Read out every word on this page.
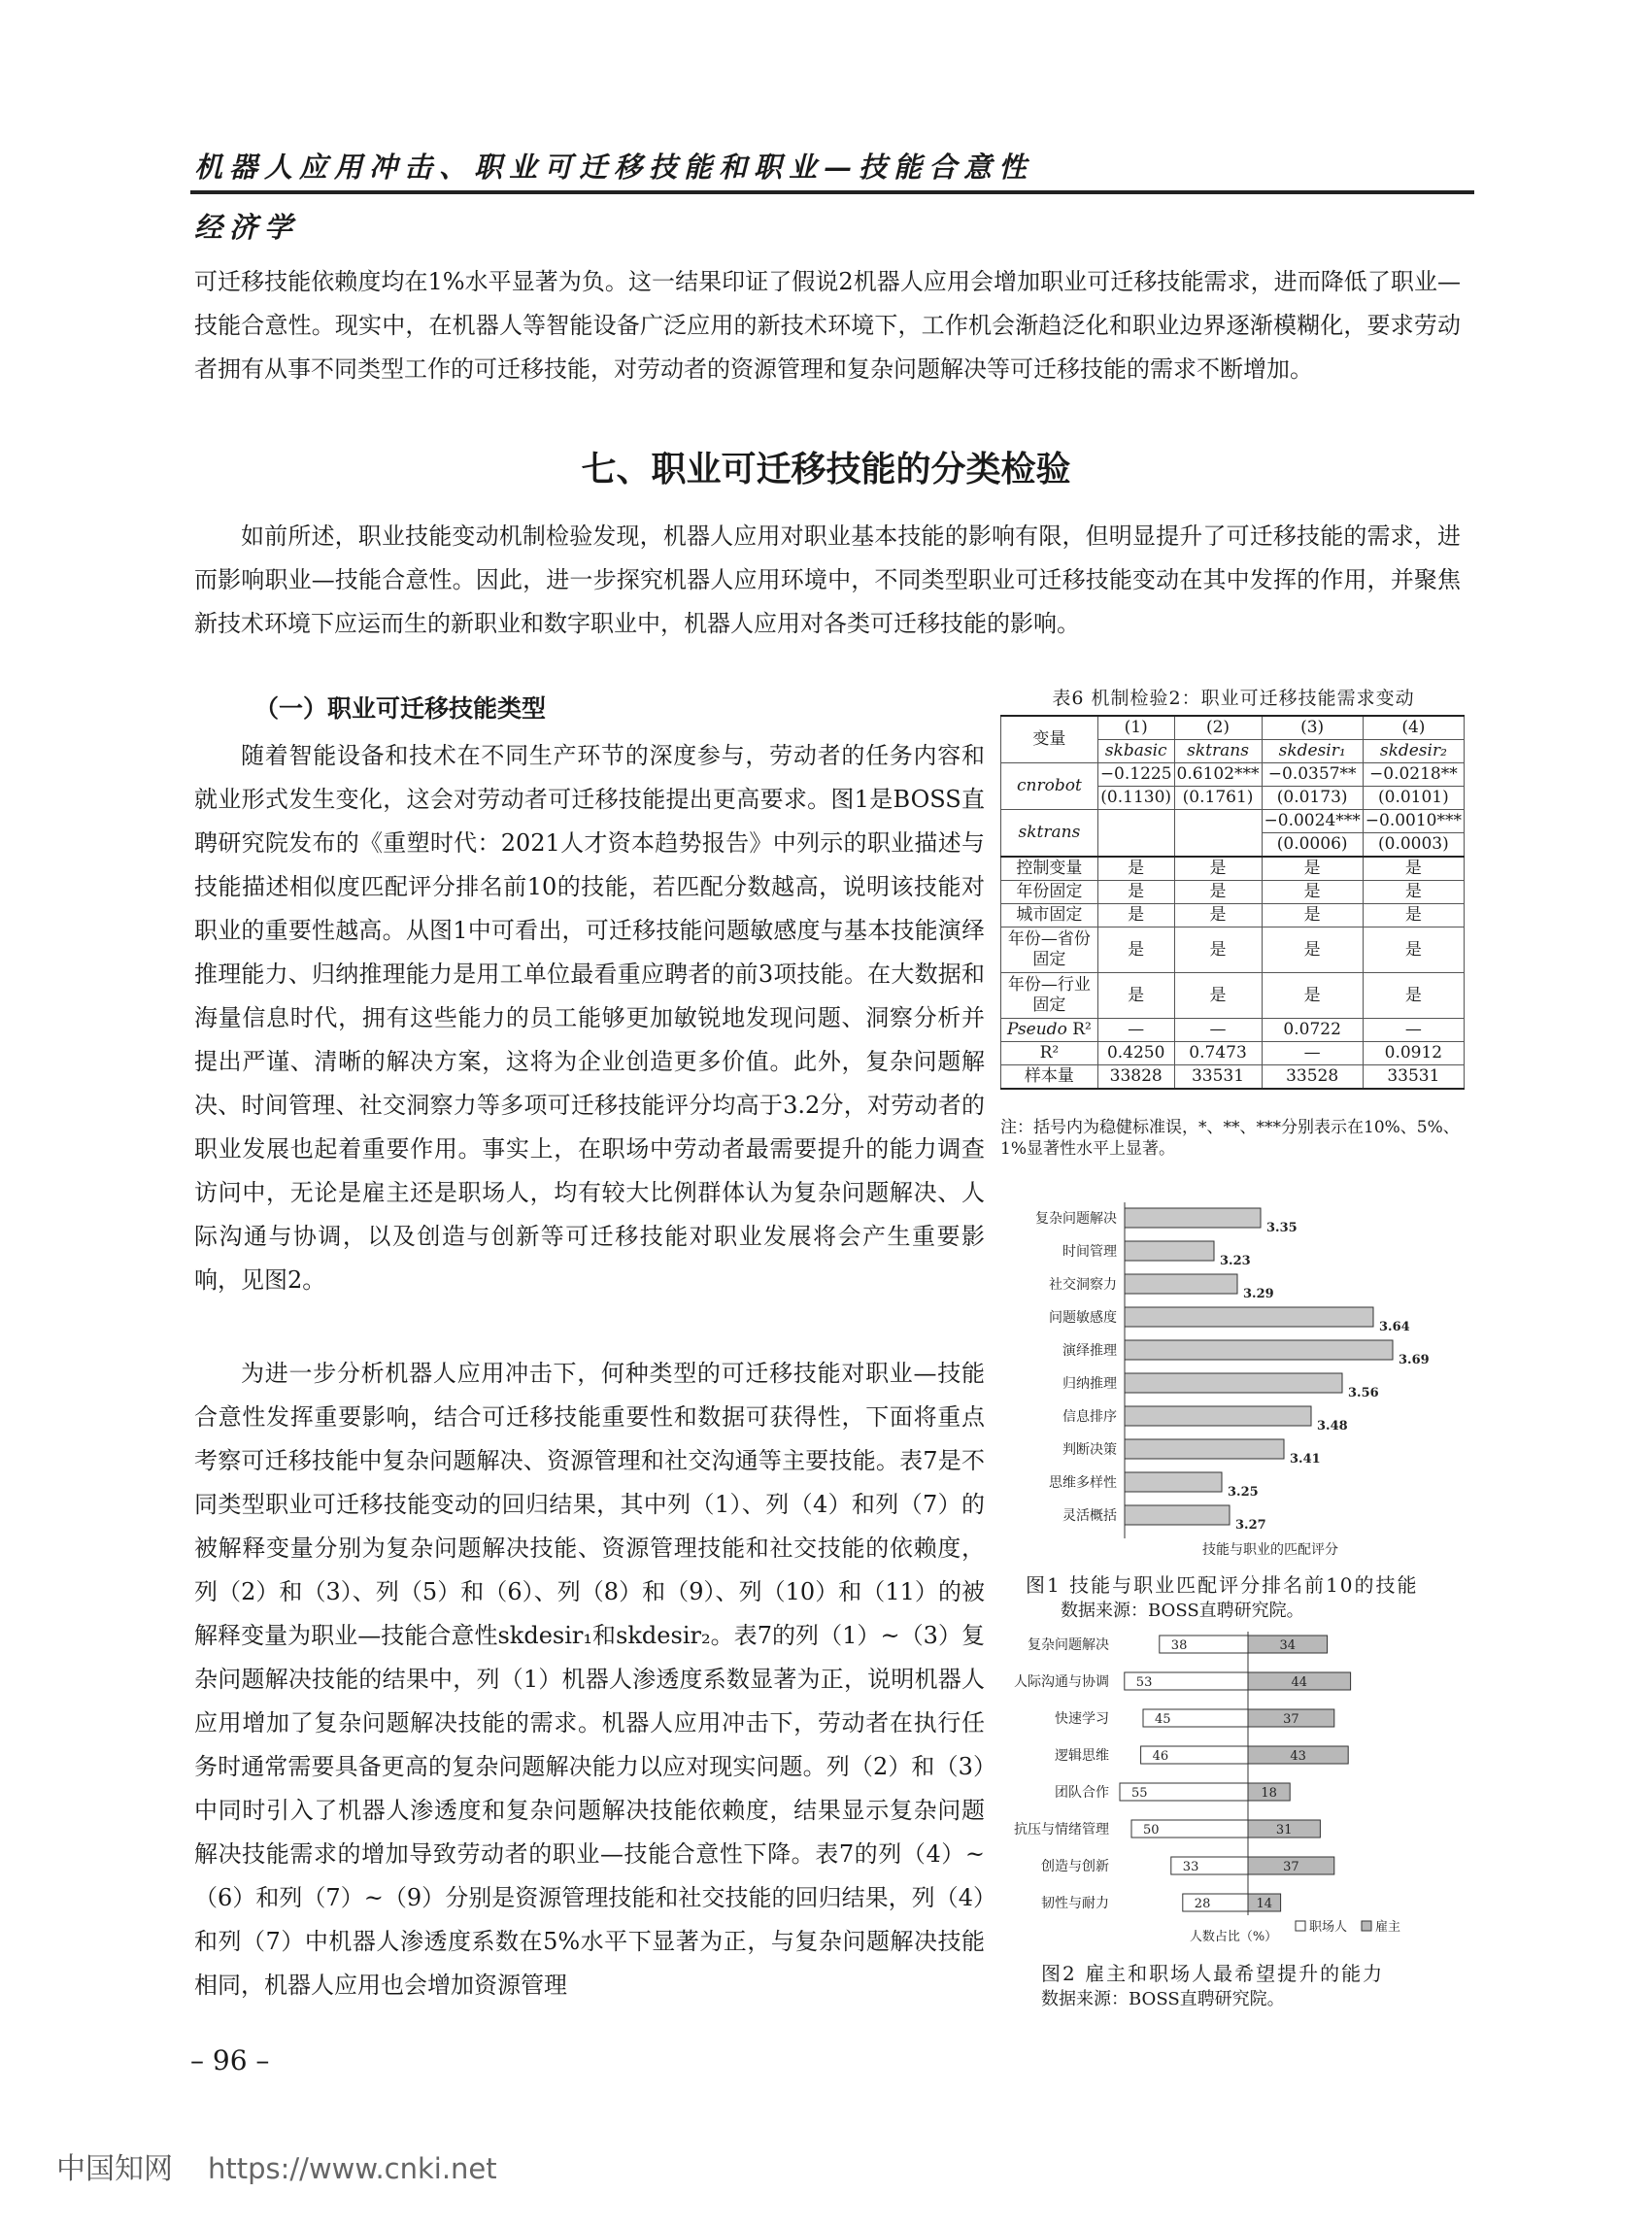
机器人应用冲击、职业可迁移技能和职业—技能合意性
经济学
可迁移技能依赖度均在1%水平显著为负。这一结果印证了假说2机器人应用会增加职业可迁移技能需求，进而降低了职业—技能合意性。现实中，在机器人等智能设备广泛应用的新技术环境下，工作机会渐趋泛化和职业边界逐渐模糊化，要求劳动者拥有从事不同类型工作的可迁移技能，对劳动者的资源管理和复杂问题解决等可迁移技能的需求不断增加。
七、职业可迁移技能的分类检验
如前所述，职业技能变动机制检验发现，机器人应用对职业基本技能的影响有限，但明显提升了可迁移技能的需求，进而影响职业—技能合意性。因此，进一步探究机器人应用环境中，不同类型职业可迁移技能变动在其中发挥的作用，并聚焦新技术环境下应运而生的新职业和数字职业中，机器人应用对各类可迁移技能的影响。
（一）职业可迁移技能类型
随着智能设备和技术在不同生产环节的深度参与，劳动者的任务内容和就业形式发生变化，这会对劳动者可迁移技能提出更高要求。图1是BOSS直聘研究院发布的《重塑时代：2021人才资本趋势报告》中列示的职业描述与技能描述相似度匹配评分排名前10的技能，若匹配分数越高，说明该技能对职业的重要性越高。从图1中可看出，可迁移技能问题敏感度与基本技能演绎推理能力、归纳推理能力是用工单位最看重应聘者的前3项技能。在大数据和海量信息时代，拥有这些能力的员工能够更加敏锐地发现问题、洞察分析并提出严谨、清晰的解决方案，这将为企业创造更多价值。此外，复杂问题解决、时间管理、社交洞察力等多项可迁移技能评分均高于3.2分，对劳动者的职业发展也起着重要作用。事实上，在职场中劳动者最需要提升的能力调查访问中，无论是雇主还是职场人，均有较大比例群体认为复杂问题解决、人际沟通与协调，以及创造与创新等可迁移技能对职业发展将会产生重要影响，见图2。
为进一步分析机器人应用冲击下，何种类型的可迁移技能对职业—技能合意性发挥重要影响，结合可迁移技能重要性和数据可获得性，下面将重点考察可迁移技能中复杂问题解决、资源管理和社交沟通等主要技能。表7是不同类型职业可迁移技能变动的回归结果，其中列（1）、列（4）和列（7）的被解释变量分别为复杂问题解决技能、资源管理技能和社交技能的依赖度，列（2）和（3）、列（5）和（6）、列（8）和（9）、列（10）和（11）的被解释变量为职业—技能合意性skdesir₁和skdesir₂。表7的列（1）~（3）复杂问题解决技能的结果中，列（1）机器人渗透度系数显著为正，说明机器人应用增加了复杂问题解决技能的需求。机器人应用冲击下，劳动者在执行任务时通常需要具备更高的复杂问题解决能力以应对现实问题。列（2）和（3）中同时引入了机器人渗透度和复杂问题解决技能依赖度，结果显示复杂问题解决技能需求的增加导致劳动者的职业—技能合意性下降。表7的列（4）~（6）和列（7）~（9）分别是资源管理技能和社交技能的回归结果，列（4）和列（7）中机器人渗透度系数在5%水平下显著为正，与复杂问题解决技能相同，机器人应用也会增加资源管理
表6 机制检验2：职业可迁移技能需求变动
变量	(1)	(2)	(3)	(4)
	skbasic	sktrans	skdesir₁	skdesir₂
cnrobot	−0.1225	0.6102***	−0.0357**	−0.0218**
	(0.1130)	(0.1761)	(0.0173)	(0.0101)
sktrans			−0.0024***	−0.0010***
			(0.0006)	(0.0003)
控制变量	是	是	是	是
年份固定	是	是	是	是
城市固定	是	是	是	是
年份—省份固定	是	是	是	是
年份—行业固定	是	是	是	是
Pseudo R²	—	—	0.0722	—
R²	0.4250	0.7473	—	0.0912
样本量	33828	33531	33528	33531
注：括号内为稳健标准误，*、**、***分别表示在10%、5%、1%显著性水平上显著。
复杂问题解决
3.35
时间管理
3.23
社交洞察力
3.29
问题敏感度
3.64
演绎推理
3.69
归纳推理
3.56
信息排序
3.48
判断决策
3.41
思维多样性
3.25
灵活概括
3.27
技能与职业的匹配评分
图1 技能与职业匹配评分排名前10的技能
数据来源：BOSS直聘研究院。
复杂问题解决	38	34
人际沟通与协调 53	44
快速学习	45	37
逻辑思维	46	43
团队合作 55	18
抗压与情绪管理	50	31
创造与创新	33	37
韧性与耐力	28	14
人数占比（%）
职场人 雇主
图2 雇主和职场人最希望提升的能力
数据来源：BOSS直聘研究院。
– 96 –
中国知网 https://www.cnki.net
